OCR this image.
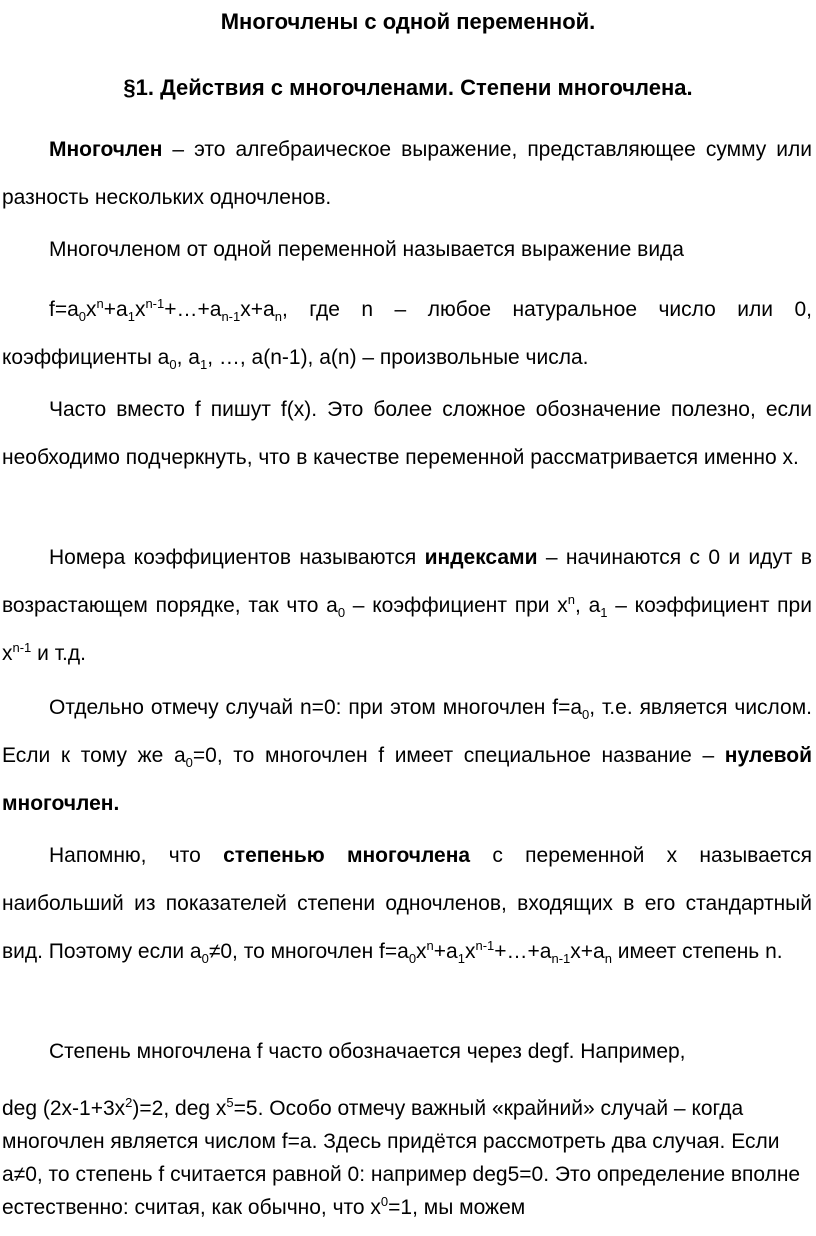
Многочлены с одной переменной.
§1. Действия с многочленами. Степени многочлена.

Многочлен – это алгебраическое выражение, представляющее сумму или разность нескольких одночленов.

Многочленом от одной переменной называется выражение вида

$f=a_0x^n+a_1x^{n-1}+\dots+a_{n-1}x+a_n$, где n – любое натуральное число или 0, коэффициенты $a_0$, $a_1$, …, a(n-1), a(n) – произвольные числа.

Часто вместо f пишут f(x). Это более сложное обозначение полезно, если необходимо подчеркнуть, что в качестве переменной рассматривается именно x.

Номера коэффициентов называются индексами – начинаются с 0 и идут в возрастающем порядке, так что $a_0$ – коэффициент при $x^n$, $a_1$ – коэффициент при $x^{n-1}$ и т.д.

Отдельно отмечу случай n=0: при этом многочлен $f=a_0$, т.е. является числом. Если к тому же $a_0=0$, то многочлен f имеет специальное название – нулевой многочлен.

Напомню, что степенью многочлена с переменной x называется наибольший из показателей степени одночленов, входящих в его стандартный вид. Поэтому если $a_0\ne 0$, то многочлен $f=a_0x^n+a_1x^{n-1}+\dots+a_{n-1}x+a_n$ имеет степень n.

Степень многочлена f часто обозначается через degf. Например,

deg $(2x-1+3x^2)=2$, deg $x^5=5$. Особо отмечу важный «крайний» случай – когда многочлен является числом f=a. Здесь придётся рассмотреть два случая. Если a≠0, то степень f считается равной 0: например deg5=0. Это определение вполне естественно: считая, как обычно, что $x^0=1$, мы можем
